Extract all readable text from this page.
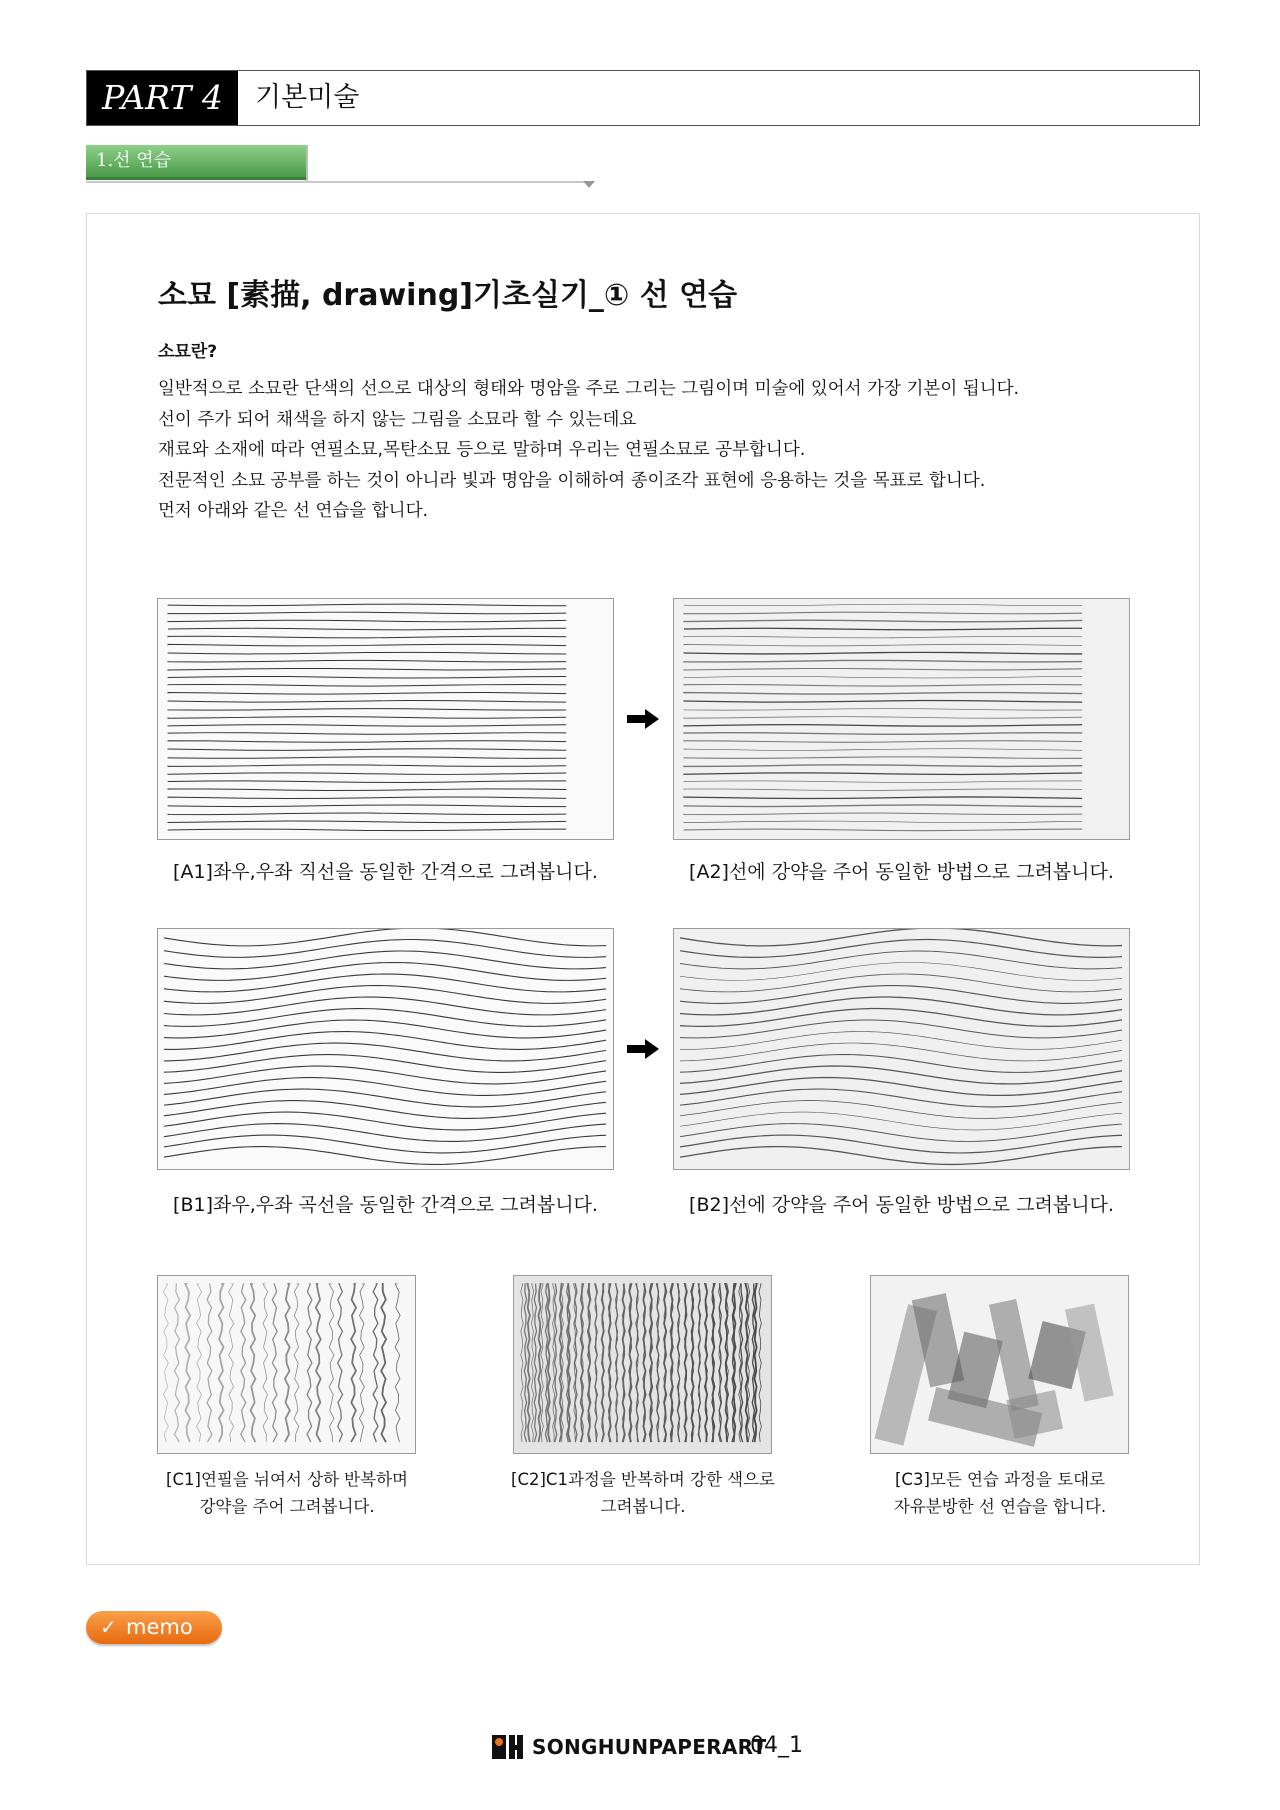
PART 4	기본미술
1.선 연습
소묘 [素描, drawing]기초실기_① 선 연습
소묘란?
일반적으로 소묘란 단색의 선으로 대상의 형태와 명암을 주로 그리는 그림이며 미술에 있어서 가장 기본이 됩니다.
선이 주가 되어 채색을 하지 않는 그림을 소묘라 할 수 있는데요
재료와 소재에 따라 연필소묘,목탄소묘 등으로 말하며 우리는 연필소묘로 공부합니다.
전문적인 소묘 공부를 하는 것이 아니라 빛과 명암을 이해하여 종이조각 표현에 응용하는 것을 목표로 합니다.
먼저 아래와 같은 선 연습을 합니다.
[A1]좌우,우좌 직선을 동일한 간격으로 그려봅니다.	[A2]선에 강약을 주어 동일한 방법으로 그려봅니다.
[B1]좌우,우좌 곡선을 동일한 간격으로 그려봅니다.	[B2]선에 강약을 주어 동일한 방법으로 그려봅니다.
[C1]연필을 뉘여서 상하 반복하며
강약을 주어 그려봅니다.
[C2]C1과정을 반복하며 강한 색으로
그려봅니다.
[C3]모든 연습 과정을 토대로
자유분방한 선 연습을 합니다.
✓ memo
SONGHUNPAPERART
04_1
